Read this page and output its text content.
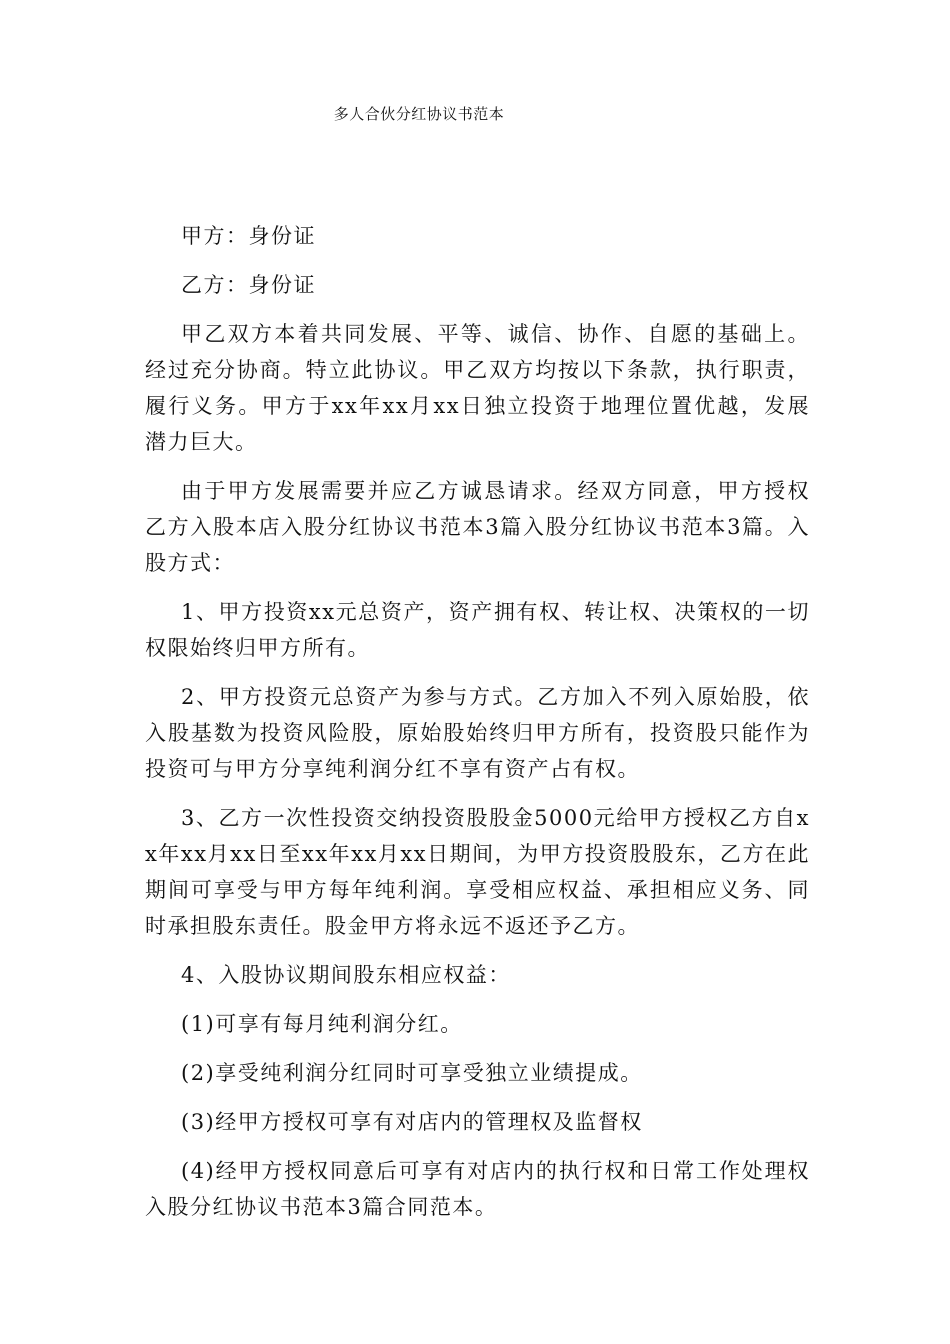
多人合伙分红协议书范本

甲方：身份证

乙方：身份证

甲乙双方本着共同发展、平等、诚信、协作、自愿的基础上。经过充分协商。特立此协议。甲乙双方均按以下条款，执行职责，履行义务。甲方于xx年xx月xx日独立投资于地理位置优越，发展潜力巨大。

由于甲方发展需要并应乙方诚恳请求。经双方同意，甲方授权乙方入股本店入股分红协议书范本3篇入股分红协议书范本3篇。入股方式：

1、甲方投资xx元总资产，资产拥有权、转让权、决策权的一切权限始终归甲方所有。

2、甲方投资元总资产为参与方式。乙方加入不列入原始股，依入股基数为投资风险股，原始股始终归甲方所有，投资股只能作为投资可与甲方分享纯利润分红不享有资产占有权。

3、乙方一次性投资交纳投资股股金5000元给甲方授权乙方自xx年xx月xx日至xx年xx月xx日期间，为甲方投资股股东，乙方在此期间可享受与甲方每年纯利润。享受相应权益、承担相应义务、同时承担股东责任。股金甲方将永远不返还予乙方。

4、入股协议期间股东相应权益：

(1)可享有每月纯利润分红。

(2)享受纯利润分红同时可享受独立业绩提成。

(3)经甲方授权可享有对店内的管理权及监督权

(4)经甲方授权同意后可享有对店内的执行权和日常工作处理权入股分红协议书范本3篇合同范本。
